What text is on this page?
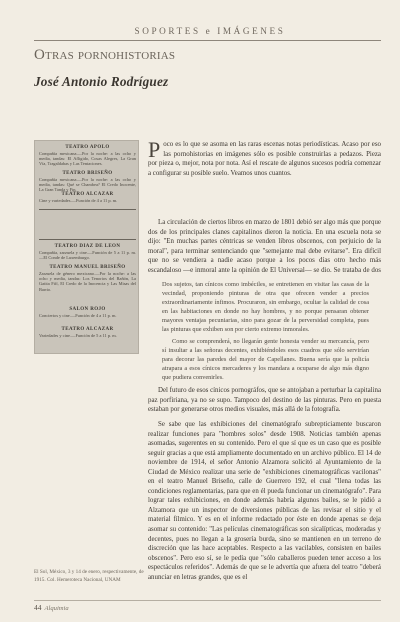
SOPORTES e IMÁGENES
Otras pornohistorias
José Antonio Rodríguez
TEATRO APOLO
Compañía mexicana.—Por la noche: a las ocho y media, tandas: El Afligido, Cosas Alegres, La Gran Vía, Tragaldabas y Las Tentaciones.
TEATRO BRISEÑO
Compañía mexicana.—Por la noche: a las ocho y media, tandas: Qué se Chambea? El Credo Inocente, La Gran Tanda y Fin.
TEATRO ALCAZAR
Cine y variedades.—Función de 4 a 11 p. m.
TEATRO DIAZ DE LEON
Compañía, zarzuela y cine.—Función de 5 a 11 p. m.—El Conde de Luxemburgo.
TEATRO MANUEL BRISEÑO
Zarzuela de género mexicano.—Por la noche: a las ocho y media, tandas: Los Tenorios del Rañón, La Gatita Fifí, El Credo de la Inocencia y Las Misas del Barrio.
SALON ROJO
Conciertos y cine.—Función de 4 a 11 p. m.
TEATRO ALCAZAR
Variedades y cine.—Función de 5 a 11 p. m.
El Sol, México, 3 y 14 de enero, respectivamente, de 1915. Col. Hemeroteca Nacional, UNAM
Poco es lo que se asoma en las raras escenas notas periodísticas. Acaso por eso las pornohistorias en imágenes sólo es posible construirlas a pedazos. Pieza por pieza o, mejor, nota por nota. Así el rescate de algunos sucesos podría comenzar a configurar su posible suelo. Veamos unos cuantos.
La circulación de ciertos libros en marzo de 1801 debió ser algo más que porque dos de los principales clanes capitalinos dieron la noticia. En una escuela nota se dijo: "En muchas partes céntricas se venden libros obscenos, con perjuicio de la moral", para terminar sentenciando que "semejante mal debe evitarse". Era difícil que no se vendiera a nadie acaso porque a los pocos días otro hecho más escandaloso —e inmoral ante la opinión de El Universal— se dio. Se trataba de dos
Dos sujetos, tan cínicos como imbéciles, se entretienen en visitar las casas de la vecindad, proponiendo pinturas de otra que ofrecen vender a precios extraordinariamente ínfimos. Procuraron, sin embargo, ocultar la calidad de cosa en las habitaciones en donde no hay hombres, y no porque pensaran obtener mayores ventajas pecuniarias, sino para gozar de la perversidad completa, pues las pinturas que exhiben son por cierto extremo inmorales.
Como se comprenderá, no llegarán gente honesta vender su mercancía, pero sí insultar a las señoras decentes, exhibiéndoles esos cuadros que sólo servirían para decorar las paredes del mayor de Capellanes. Buena sería que la policía atrapara a esos cínicos mercaderes y los mandara a ocuparse de algo más digno que pudiera convenirles.
Del futuro de esos cínicos pornográfos, que se antojaban a perturbar la capitalina paz porfiriana, ya no se supo. Tampoco del destino de las pinturas. Pero en puesta estaban por generarse otros medios visuales, más allá de la fotografía.
Se sabe que las exhibiciones del cinematógrafo subrepticiamente buscaron realizar funciones para "hombres solos" desde 1908. Noticias también apenas asomadas, sugerentes en su contenido. Pero el que sí que es un caso que es posible seguir gracias a que está ampliamente documentado en un archivo público. El 14 de noviembre de 1914, el señor Antonio Alzamora solicitó al Ayuntamiento de la Ciudad de México realizar una serie de "exhibiciones cinematográficas vacilonas" en el teatro Manuel Briseño, calle de Guerrero 192, el cual "llena todas las condiciones reglamentarias, para que en él pueda funcionar un cinematógrafo". Para lograr tales exhibiciones, en donde además habría algunos bailes, se le pidió a Alzamora que un inspector de diversiones públicas de las revisar el sitio y el material fílmico. Y es en el informe redactado por éste en donde apenas se deja asomar su contenido: "Las películas cinematográficas son sicalípticas, moderadas y decentes, pues no llegan a la grosería burda, sino se mantienen en un terreno de discreción que las hace aceptables. Respecto a las vacilables, consisten en bailes obscenos". Pero eso sí, se le pedía que "sólo caballeros pueden tener acceso a los espectáculos referidos". Además de que se le advertía que afuera del teatro "deberá anunciar en letras grandes, que es el
44 Alquimia
